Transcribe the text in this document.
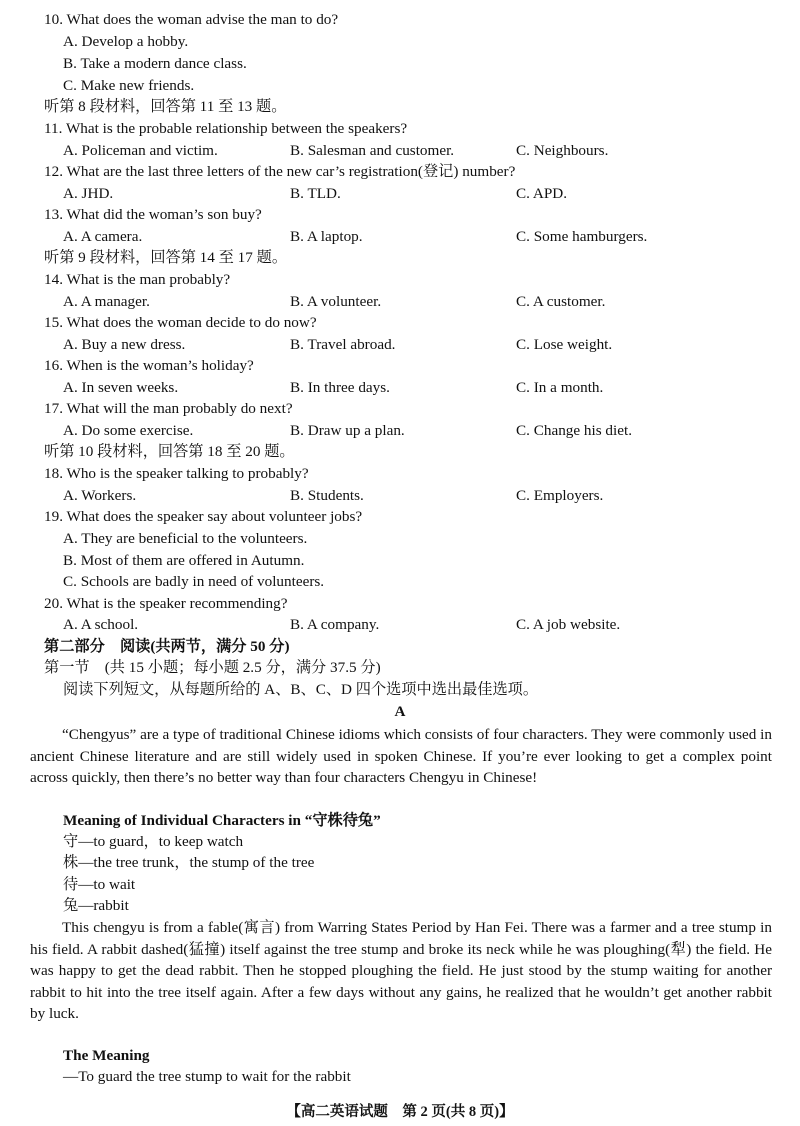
10. What does the woman advise the man to do?
A. Develop a hobby.
B. Take a modern dance class.
C. Make new friends.
听第 8 段材料，回答第 11 至 13 题。
11. What is the probable relationship between the speakers?
A. Policeman and victim.	B. Salesman and customer.	C. Neighbours.
12. What are the last three letters of the new car’s registration(登记) number?
A. JHD.	B. TLD.	C. APD.
13. What did the woman’s son buy?
A. A camera.	B. A laptop.	C. Some hamburgers.
听第 9 段材料，回答第 14 至 17 题。
14. What is the man probably?
A. A manager.	B. A volunteer.	C. A customer.
15. What does the woman decide to do now?
A. Buy a new dress.	B. Travel abroad.	C. Lose weight.
16. When is the woman’s holiday?
A. In seven weeks.	B. In three days.	C. In a month.
17. What will the man probably do next?
A. Do some exercise.	B. Draw up a plan.	C. Change his diet.
听第 10 段材料，回答第 18 至 20 题。
18. Who is the speaker talking to probably?
A. Workers.	B. Students.	C. Employers.
19. What does the speaker say about volunteer jobs?
A. They are beneficial to the volunteers.
B. Most of them are offered in Autumn.
C. Schools are badly in need of volunteers.
20. What is the speaker recommending?
A. A school.	B. A company.	C. A job website.
第二部分　阅读(共两节，满分 50 分)
第一节　(共 15 小题；每小题 2.5 分，满分 37.5 分)
阅读下列短文，从每题所给的 A、B、C、D 四个选项中选出最佳选项。
A
“Chengyus” are a type of traditional Chinese idioms which consists of four characters. They were commonly used in ancient Chinese literature and are still widely used in spoken Chinese. If you’re ever looking to get a complex point across quickly, then there’s no better way than four characters Chengyu in Chinese!
Meaning of Individual Characters in “守株待兔”
守—to guard，to keep watch
株—the tree trunk，the stump of the tree
待—to wait
兔—rabbit
This chengyu is from a fable(寓言) from Warring States Period by Han Fei. There was a farmer and a tree stump in his field. A rabbit dashed(猛撞) itself against the tree stump and broke its neck while he was ploughing(犁) the field. He was happy to get the dead rabbit. Then he stopped ploughing the field. He just stood by the stump waiting for another rabbit to hit into the tree itself again. After a few days without any gains, he realized that he wouldn’t get another rabbit by luck.
The Meaning
—To guard the tree stump to wait for the rabbit
【高二英语试题　第 2 页(共 8 页)】
